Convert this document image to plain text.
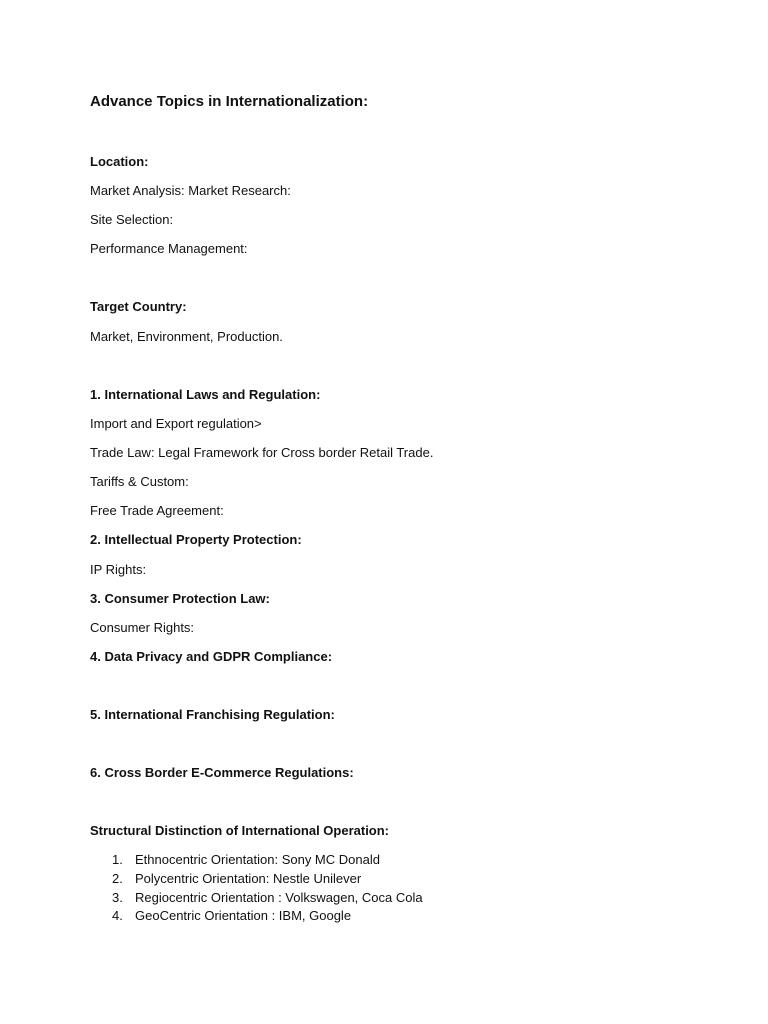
Advance Topics in Internationalization:
Location:
Market Analysis: Market Research:
Site Selection:
Performance Management:
Target Country:
Market, Environment, Production.
1. International Laws and Regulation:
Import and Export regulation>
Trade Law: Legal Framework for Cross border Retail Trade.
Tariffs & Custom:
Free Trade Agreement:
2. Intellectual Property Protection:
IP Rights:
3. Consumer Protection Law:
Consumer Rights:
4. Data Privacy and GDPR Compliance:
5. International Franchising Regulation:
6. Cross Border E-Commerce Regulations:
Structural Distinction of International Operation:
1. Ethnocentric Orientation: Sony MC Donald
2. Polycentric Orientation: Nestle Unilever
3. Regiocentric Orientation : Volkswagen, Coca Cola
4. GeoCentric Orientation : IBM, Google
